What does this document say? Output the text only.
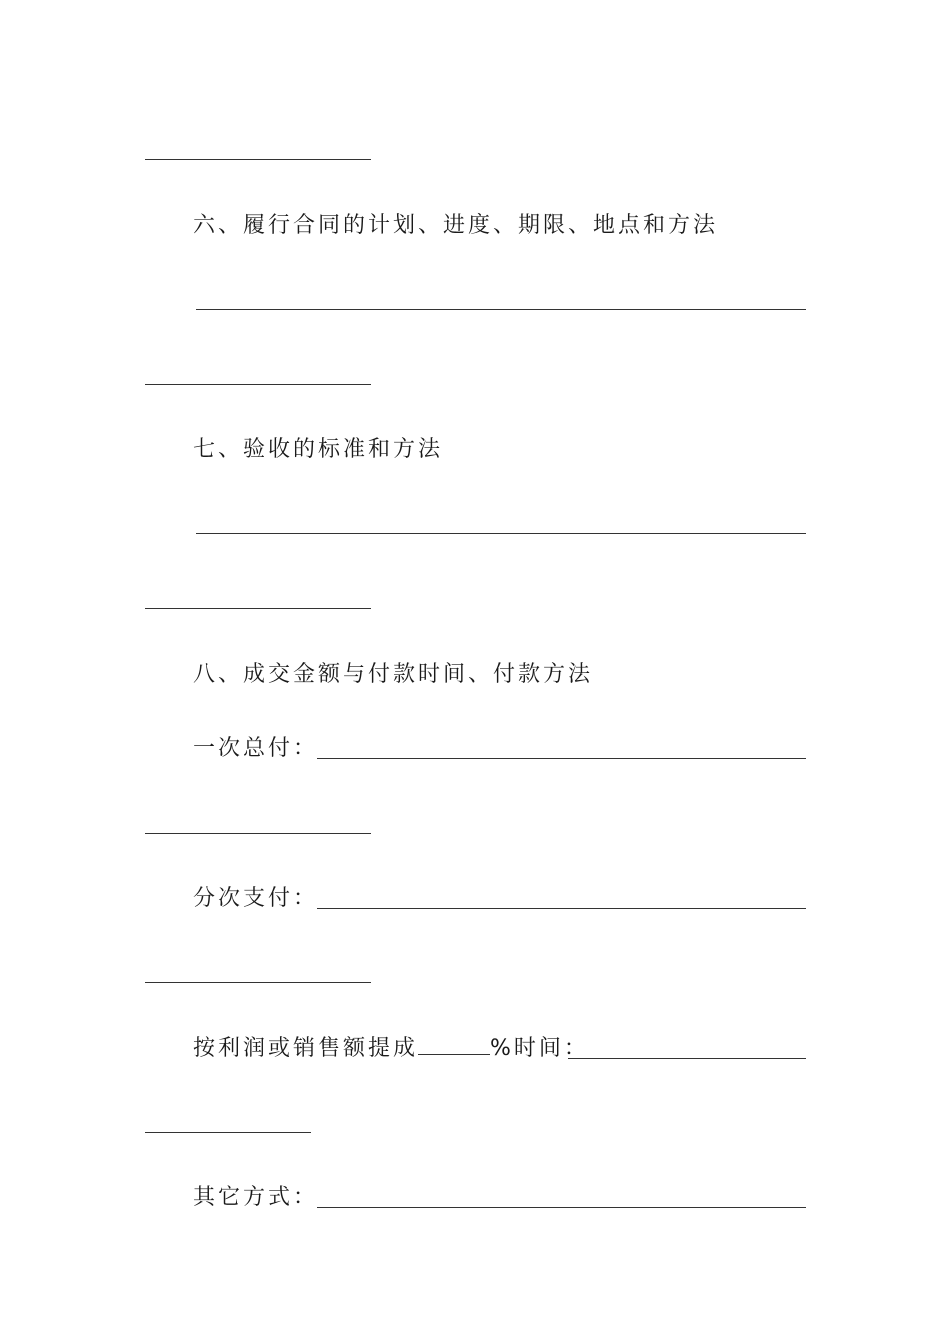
六、履行合同的计划、进度、期限、地点和方法
七、验收的标准和方法
八、成交金额与付款时间、付款方法
一次总付：
分次支付：
按利润或销售额提成	%时间：
其它方式：
